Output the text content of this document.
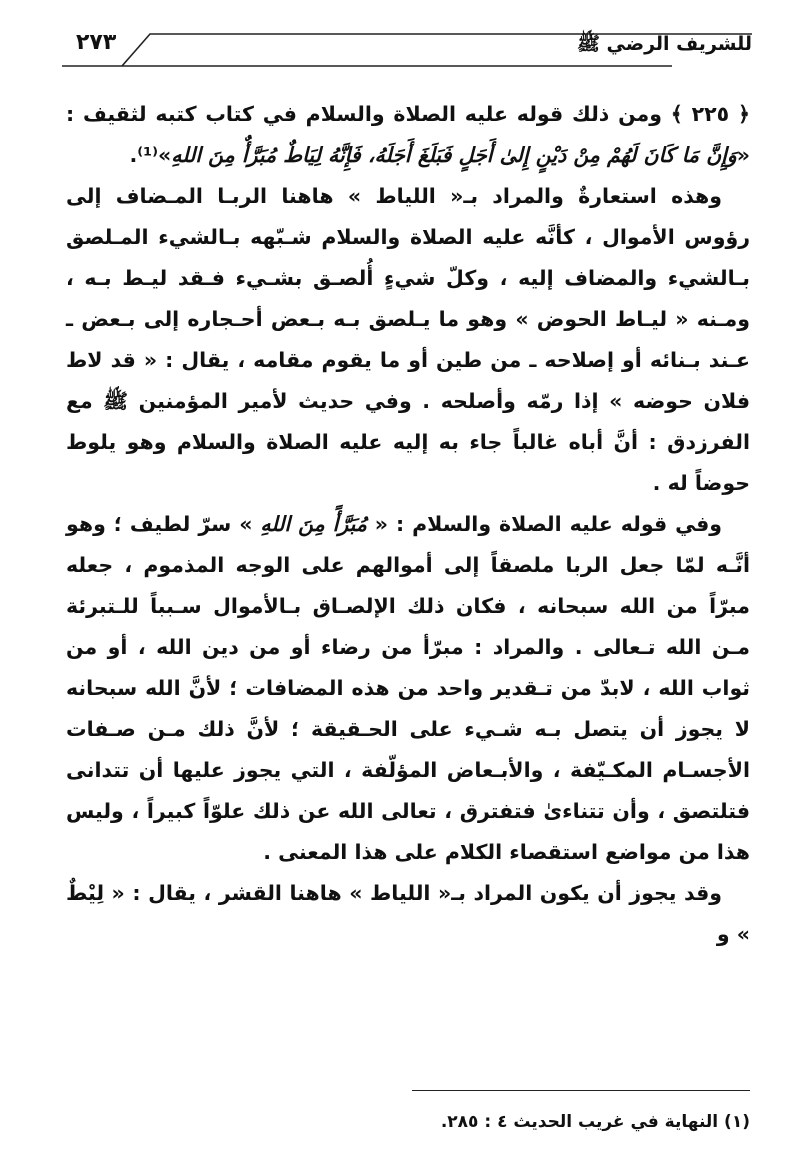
٢٧٣	للشريف الرضي ﷺ

﴿ ٢٢٥ ﴾ ومن ذلك قوله عليه الصلاة والسلام في كتاب كتبه لثقيف : «وَإِنَّ مَا كَانَ لَهُمْ مِنْ دَيْنٍ إِلىٰ أَجَلٍ فَبَلَغَ أَجَلَهُ، فَإِنَّهُ لِيَاطٌ مُبَرَّأٌ مِنَ اللهِ»⁽¹⁾.

وهذه استعارةٌ والمراد بـ« اللياط » هاهنا الربـا المـضاف إلى رؤوس الأموال ، كأنَّه عليه الصلاة والسلام شـبّهه بـالشيء المـلصق بـالشيء والمضاف إليه ، وكلّ شيءٍ أُلصـق بشـيء فـقد ليـط بـه ، ومـنه « ليـاط الحوض » وهو ما يـلصق بـه بـعض أحـجاره إلى بـعض ـ عـند بـنائه أو إصلاحه ـ من طين أو ما يقوم مقامه ، يقال : « قد لاط فلان حوضه » إذا رمّه وأصلحه . وفي حديث لأمير المؤمنين ﷺ مع الفرزدق : أنَّ أباه غالباً جاء به إليه عليه الصلاة والسلام وهو يلوط حوضاً له .

وفي قوله عليه الصلاة والسلام : « مُبَرَّأً مِنَ اللهِ » سرّ لطيف ؛ وهو أنَّـه لمّا جعل الربا ملصقاً إلى أموالهم على الوجه المذموم ، جعله مبرّاً من الله سبحانه ، فكان ذلك الإلصـاق بـالأموال سـبباً للـتبرئة مـن الله تـعالى . والمراد : مبرّأ من رضاء أو من دين الله ، أو من ثواب الله ، لابدّ من تـقدير واحد من هذه المضافات ؛ لأنَّ الله سبحانه لا يجوز أن يتصل بـه شـيء على الحـقيقة ؛ لأنَّ ذلك مـن صـفات الأجسـام المكـيّفة ، والأبـعاض المؤلّفة ، التي يجوز عليها أن تتدانى فتلتصق ، وأن تتناءىٰ فتفترق ، تعالى الله عن ذلك علوّاً كبيراً ، وليس هذا من مواضع استقصاء الكلام على هذا المعنى .

وقد يجوز أن يكون المراد بـ« اللياط » هاهنا القشر ، يقال : « لِيْطٌ » و

(١) النهاية في غريب الحديث ٤ : ٢٨٥.
